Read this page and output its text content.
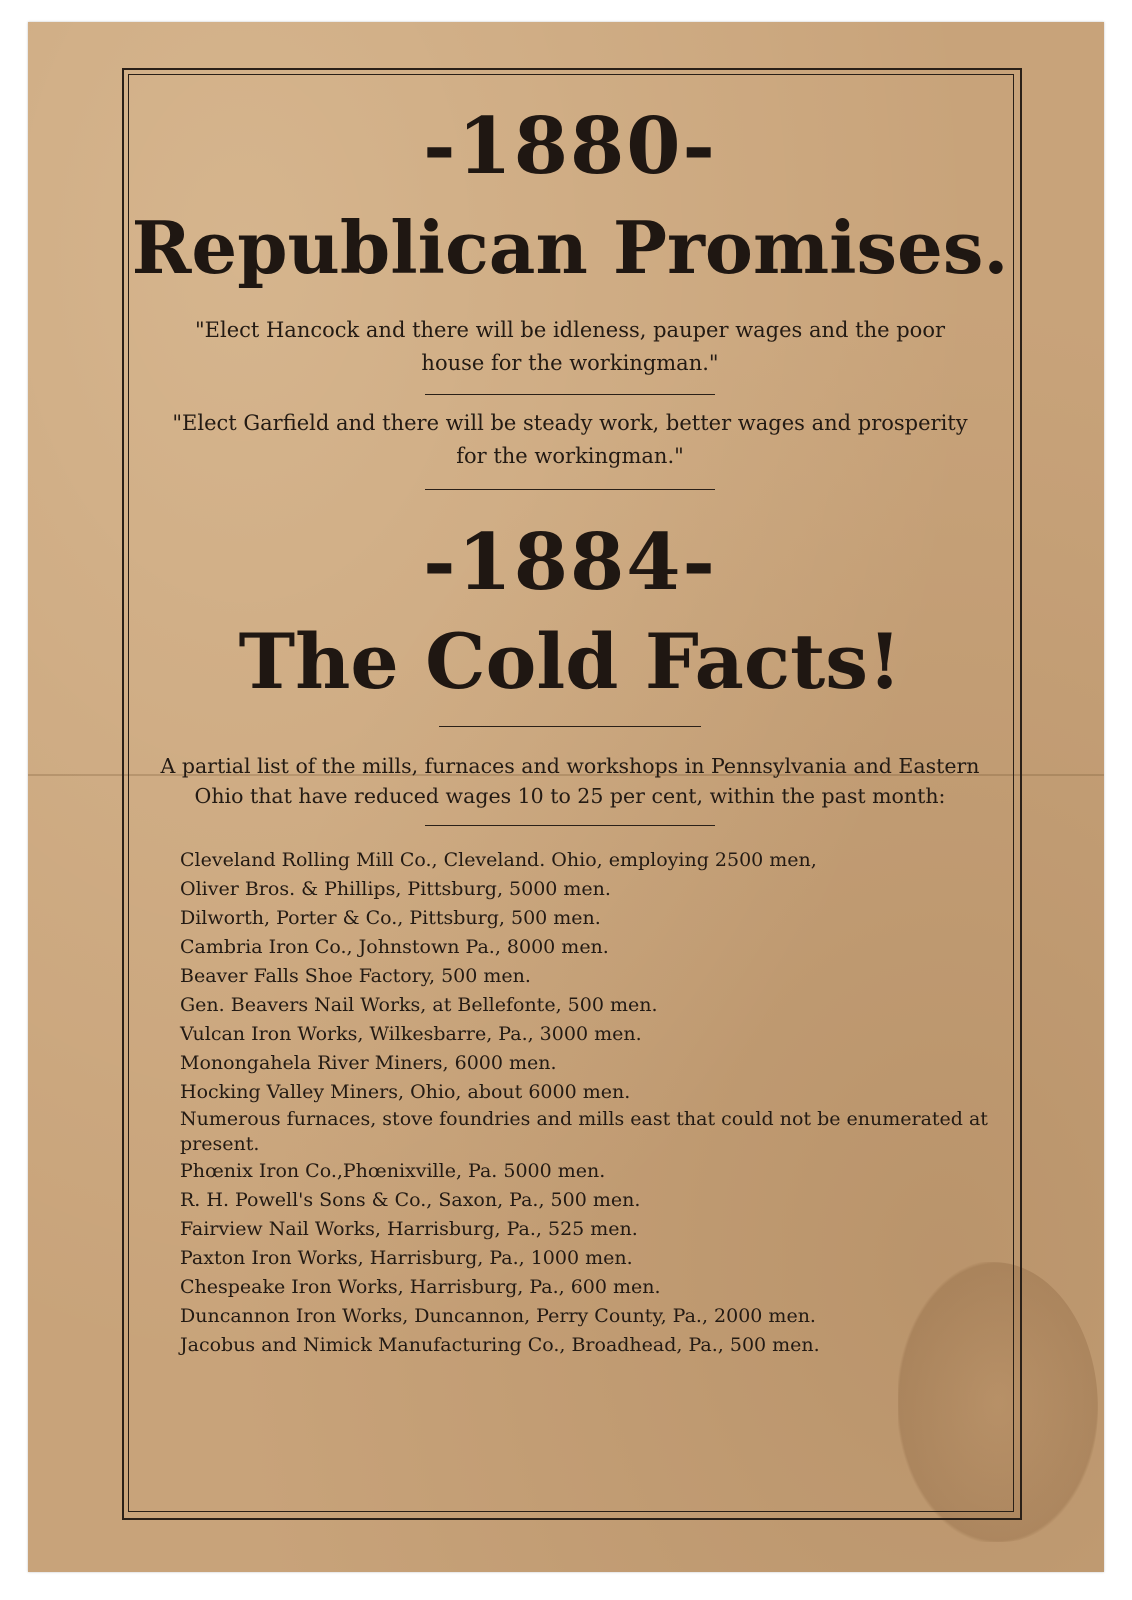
-1880-
Republican Promises.
"Elect Hancock and there will be idleness, pauper wages and the poor house for the workingman."
"Elect Garfield and there will be steady work, better wages and prosperity for the workingman."
-1884-
The Cold Facts!
A partial list of the mills, furnaces and workshops in Pennsylvania and Eastern Ohio that have reduced wages 10 to 25 per cent, within the past month:
Cleveland Rolling Mill Co., Cleveland. Ohio, employing 2500 men,
Oliver Bros. & Phillips, Pittsburg, 5000 men.
Dilworth, Porter & Co., Pittsburg, 500 men.
Cambria Iron Co., Johnstown Pa., 8000 men.
Beaver Falls Shoe Factory, 500 men.
Gen. Beavers Nail Works, at Bellefonte, 500 men.
Vulcan Iron Works, Wilkesbarre, Pa., 3000 men.
Monongahela River Miners, 6000 men.
Hocking Valley Miners, Ohio, about 6000 men.
Numerous furnaces, stove foundries and mills east that could not be enumerated at present.
Phœnix Iron Co.,Phœnixville, Pa. 5000 men.
R. H. Powell's Sons & Co., Saxon, Pa., 500 men.
Fairview Nail Works, Harrisburg, Pa., 525 men.
Paxton Iron Works, Harrisburg, Pa., 1000 men.
Chespeake Iron Works, Harrisburg, Pa., 600 men.
Duncannon Iron Works, Duncannon, Perry County, Pa., 2000 men.
Jacobus and Nimick Manufacturing Co., Broadhead, Pa., 500 men.
